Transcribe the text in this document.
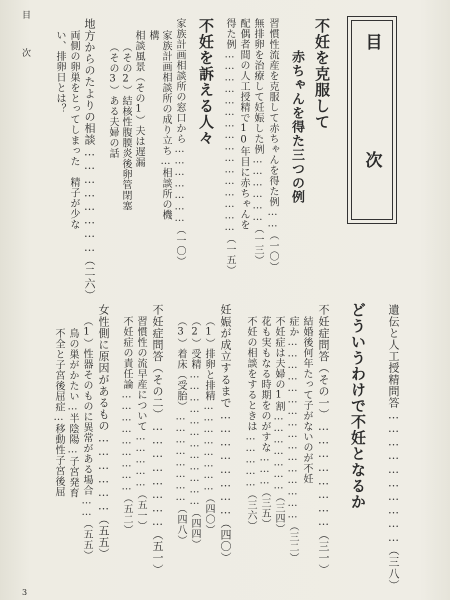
目　次	目　次
不妊を克服して
赤ちゃんを得た三つの例
習慣性流産を克服して赤ちゃんを得た例……（一〇）
無排卵を治療して妊娠した例………………（一三）
配偶者間の人工授精で10年目に赤ちゃんを
得た例…………………………………………（一五）
不妊を訴える人々
家族計画相談所の窓口から…………………（一〇）
家族計画相談所の成り立ち…相談所の機
構
相談風景（その1）夫は遅漏
（その2）結核性腹膜炎後卵管閉塞
（その3）ある夫婦の話
地方からのたよりの相談……………………（二六）
両側の卵巣をとってしまった　精子が少な
い、排卵日とは？
遺伝と人工授精問答…………………………（三八）
どういうわけで不妊となるか
不妊症問答（その一）……………………（三一）
結婚後何年たって子がないのが不妊
症か…………………………………………（三二）
不妊症は夫婦の1割…………………（三四）
花も実もなる時期をのがすな………（三五）
不妊の相談をするときは……………（三六）
妊娠が成立するまで……………………（四〇）
（1）排卵と排精……………………（四〇）
（2）受精………………………………（四四）
（3）着床（受胎）……………………（四八）
不妊症問答（その二）……………………（五一）
習慣性の流早産について……………（五一）
不妊症の責任論………………………（五二）
女性側に原因があるもの………………（五五）
（1）性器そのものに異常がある場合……（五五）
鳥の巣がかたい…半陰陽…子宮発育
不全と子宮後屈症…移動性子宮後屈
3
